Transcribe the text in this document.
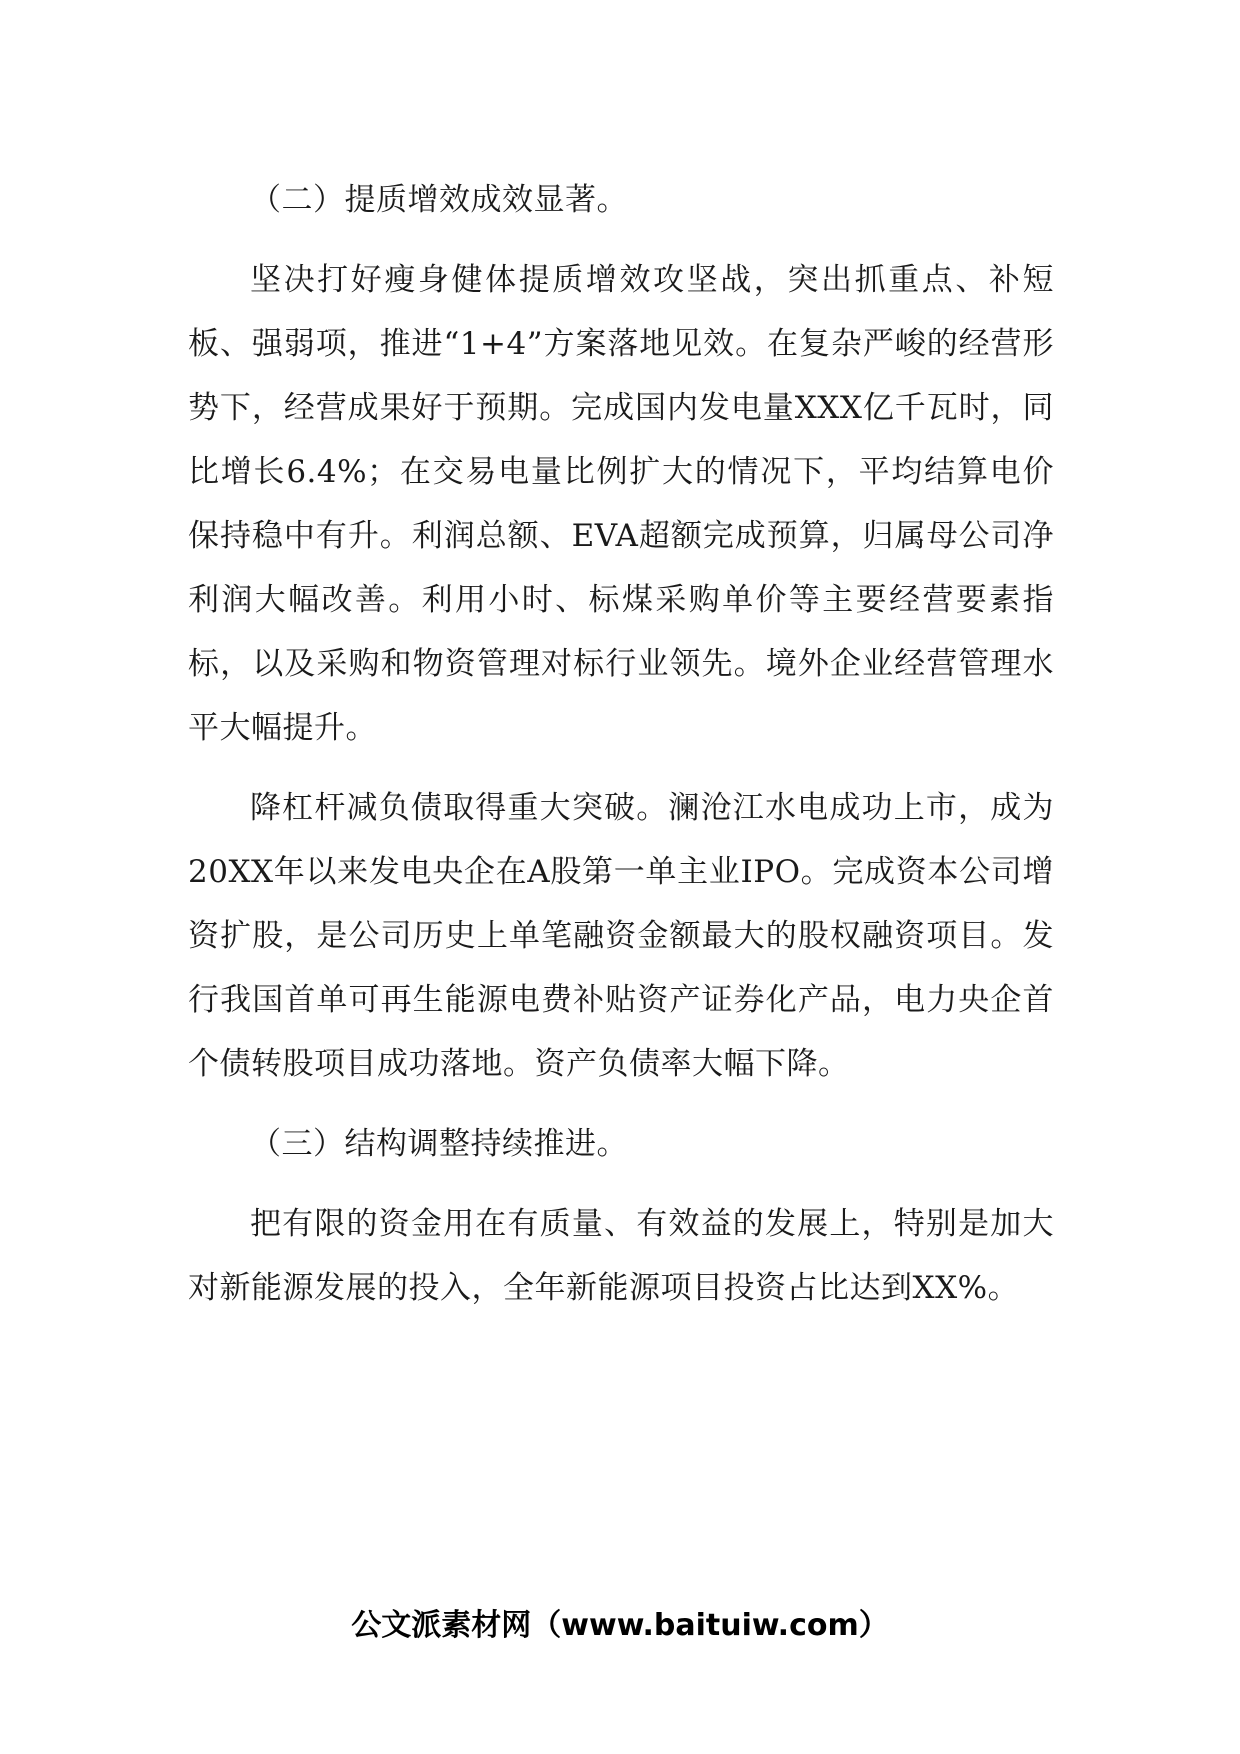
（二）提质增效成效显著。

坚决打好瘦身健体提质增效攻坚战，突出抓重点、补短板、强弱项，推进“1+4”方案落地见效。在复杂严峻的经营形势下，经营成果好于预期。完成国内发电量XXX亿千瓦时，同比增长6.4%；在交易电量比例扩大的情况下，平均结算电价保持稳中有升。利润总额、EVA超额完成预算，归属母公司净利润大幅改善。利用小时、标煤采购单价等主要经营要素指标，以及采购和物资管理对标行业领先。境外企业经营管理水平大幅提升。

降杠杆减负债取得重大突破。澜沧江水电成功上市，成为20XX年以来发电央企在A股第一单主业IPO。完成资本公司增资扩股，是公司历史上单笔融资金额最大的股权融资项目。发行我国首单可再生能源电费补贴资产证券化产品，电力央企首个债转股项目成功落地。资产负债率大幅下降。

（三）结构调整持续推进。

把有限的资金用在有质量、有效益的发展上，特别是加大对新能源发展的投入，全年新能源项目投资占比达到XX%。

公文派素材网（www.baituiw.com）
